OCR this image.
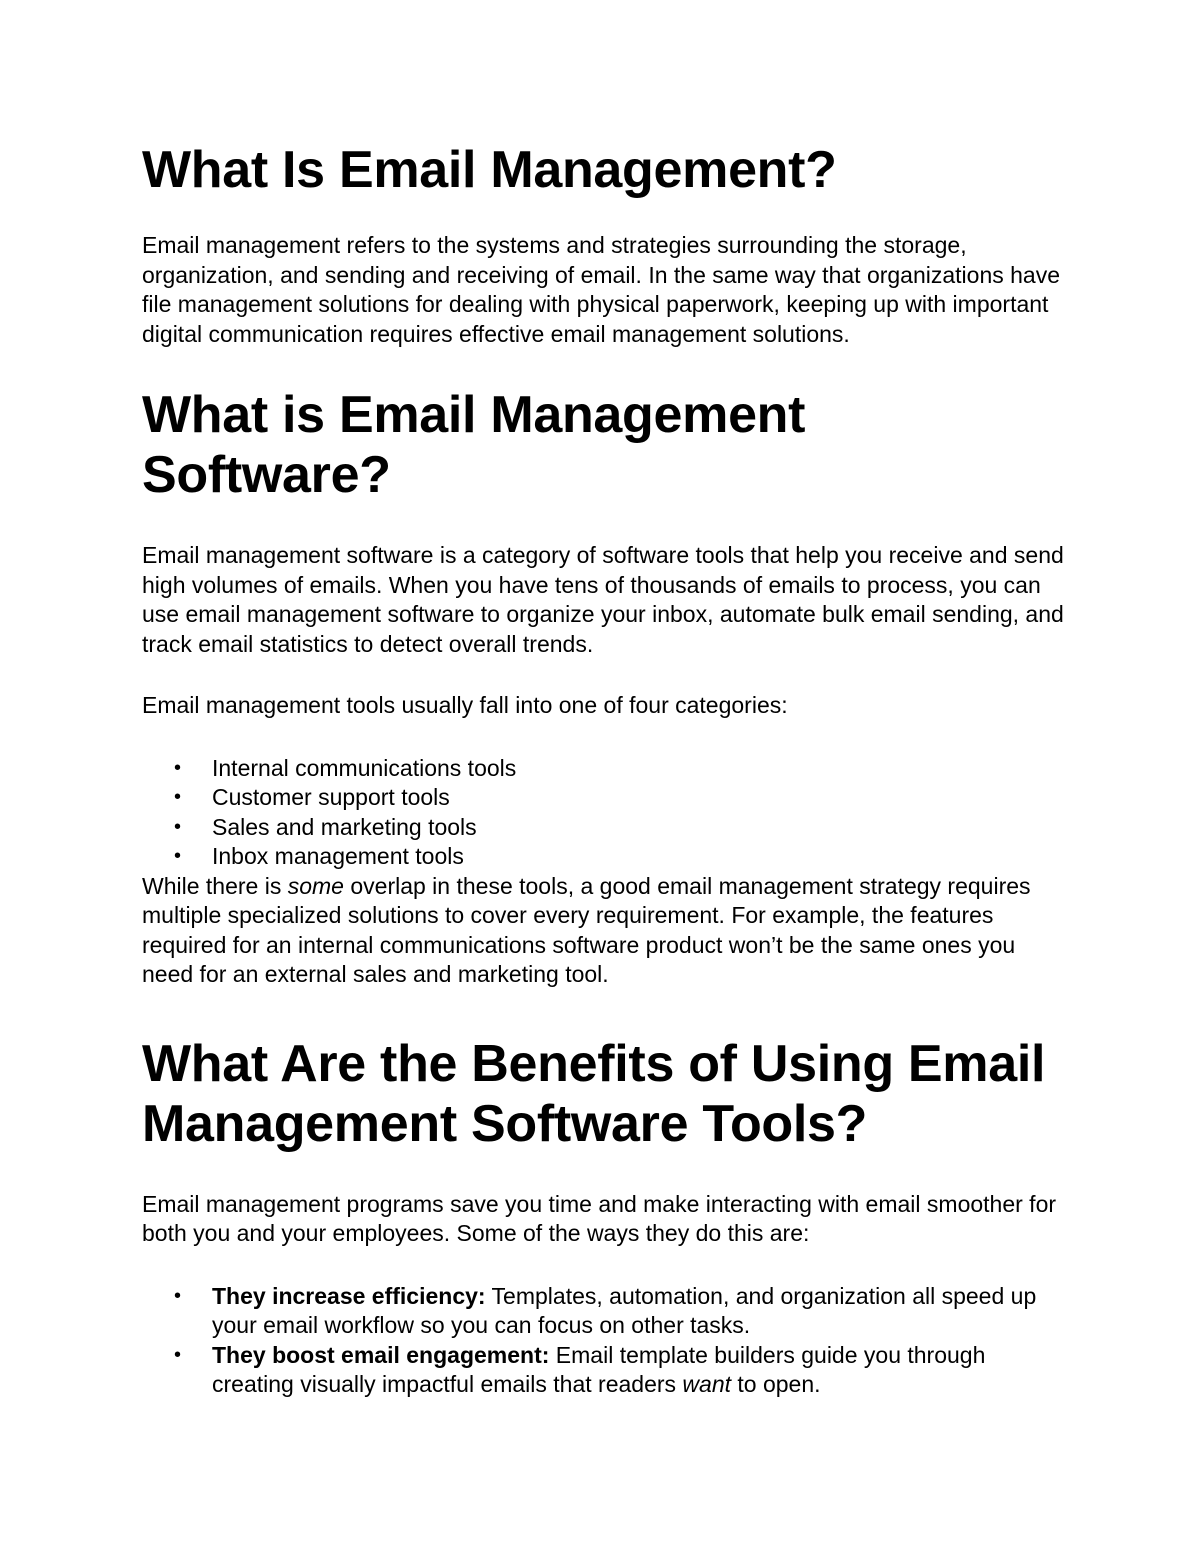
What Is Email Management?

Email management refers to the systems and strategies surrounding the storage, organization, and sending and receiving of email. In the same way that organizations have file management solutions for dealing with physical paperwork, keeping up with important digital communication requires effective email management solutions.

What is Email Management
Software?

Email management software is a category of software tools that help you receive and send high volumes of emails. When you have tens of thousands of emails to process, you can use email management software to organize your inbox, automate bulk email sending, and track email statistics to detect overall trends.

Email management tools usually fall into one of four categories:

• Internal communications tools
• Customer support tools
• Sales and marketing tools
• Inbox management tools

While there is some overlap in these tools, a good email management strategy requires multiple specialized solutions to cover every requirement. For example, the features required for an internal communications software product won’t be the same ones you need for an external sales and marketing tool.

What Are the Benefits of Using Email
Management Software Tools?

Email management programs save you time and make interacting with email smoother for both you and your employees. Some of the ways they do this are:

• They increase efficiency: Templates, automation, and organization all speed up your email workflow so you can focus on other tasks.
• They boost email engagement: Email template builders guide you through creating visually impactful emails that readers want to open.
